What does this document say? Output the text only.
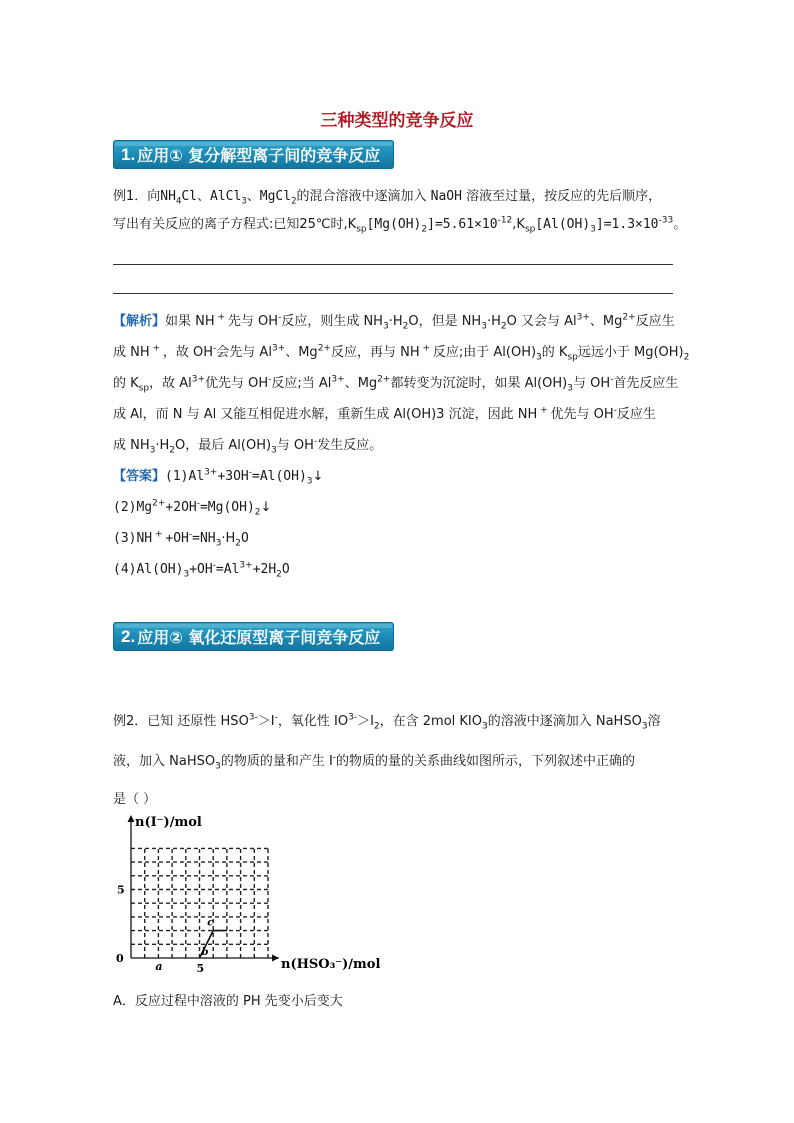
三种类型的竞争反应
1. 应用① 复分解型离子间的竞争反应
例1．向$NH_4Cl$、AlCl$_3$、MgCl$_2$的混合溶液中逐滴加入 NaOH 溶液至过量，按反应的先后顺序，
写出有关反应的离子方程式:已知25℃时$,K_{sp}[Mg(OH)_2]=5.61\times 10^{-12},K_{sp}[Al(OH)_3]=1.3\times 10^{-33}$。
【解析】如果 NH + 先与 OH-反应，则生成 $NH_3\cdot H_2O$，但是 $NH_3\cdot H_2O$ 又会与 $Al^{3+}$、$Mg^{2+}$反应生
成 NH + ，故 OH-会先与 $Al^{3+}$、$Mg^{2+}$反应，再与 NH + 反应;由于 $Al(OH)_3$的 $K_{sp}$远远小于 $Mg(OH)_2$
的 $K_{sp}$，故 $Al^{3+}$优先与 OH-反应;当 $Al^{3+}$、$Mg^{2+}$都转变为沉淀时，如果 $Al(OH)_3$与 OH-首先反应生
成 Al，而 N 与 Al 又能互相促进水解，重新生成 Al(OH)3 沉淀，因此 NH + 优先与 OH-反应生
成 $NH_3\cdot H_2O$，最后 $Al(OH)_3$与 OH-发生反应。
【答案】$(1)Al^{3+}+3OH^-=Al(OH)_3↓$
$(2)Mg^{2+}+2OH^-=Mg(OH)_2↓$
(3)NH $^+ +OH^-=NH_3\cdot H_2O$
$(4)Al(OH)_3+OH^-=Al^{3+}+2H_2O$
2. 应用② 氧化还原型离子间竞争反应
例2．已知 还原性 $HSO^{3-}>I^-$，氧化性 $IO^{3-}>I_2$，在含 2mol $KIO_3$的溶液中逐滴加入 NaHSO$_3$溶
液，加入 NaHSO$_3$的物质的量和产生 I-的物质的量的关系曲线如图所示，下列叙述中正确的
是（ ）
n(I⁻)/mol
n(HSO₃⁻)/mol
0
a	5
5
b
c
A．反应过程中溶液的 PH 先变小后变大
